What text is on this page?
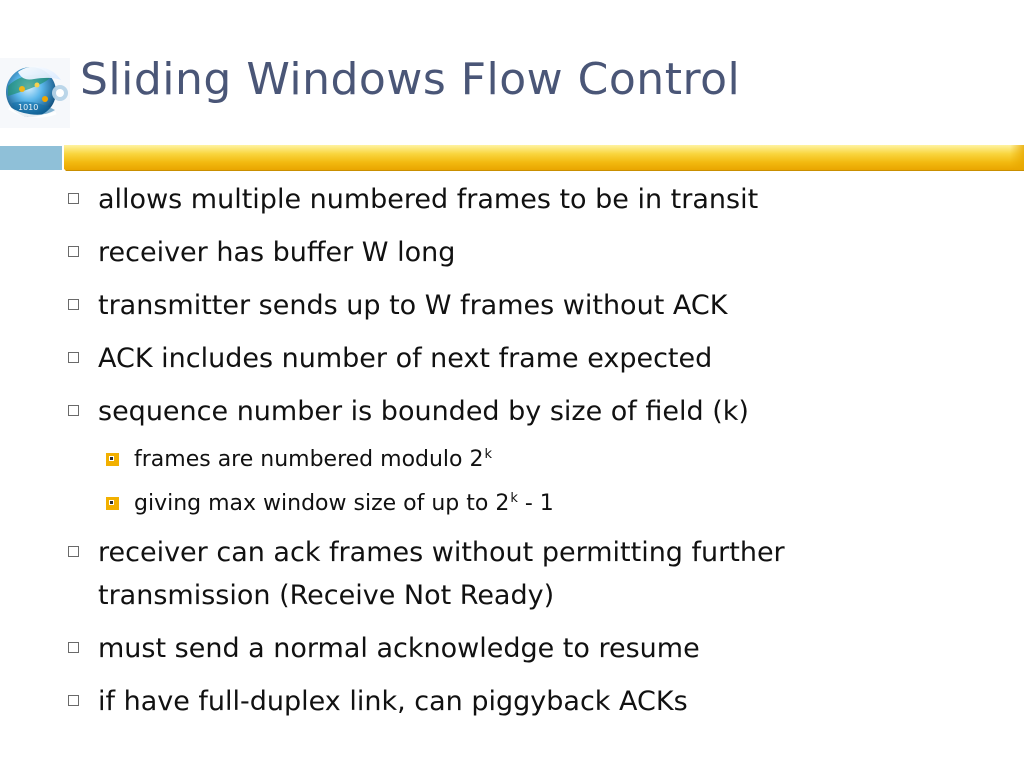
1010
Sliding Windows Flow Control
allows multiple numbered frames to be in transit
receiver has buffer W long
transmitter sends up to W frames without ACK
ACK includes number of next frame expected
sequence number is bounded by size of field (k)
frames are numbered modulo 2$^k$
giving max window size of up to 2$^k$ - 1
receiver can ack frames without permitting further transmission (Receive Not Ready)
must send a normal acknowledge to resume
if have full-duplex link, can piggyback ACKs
